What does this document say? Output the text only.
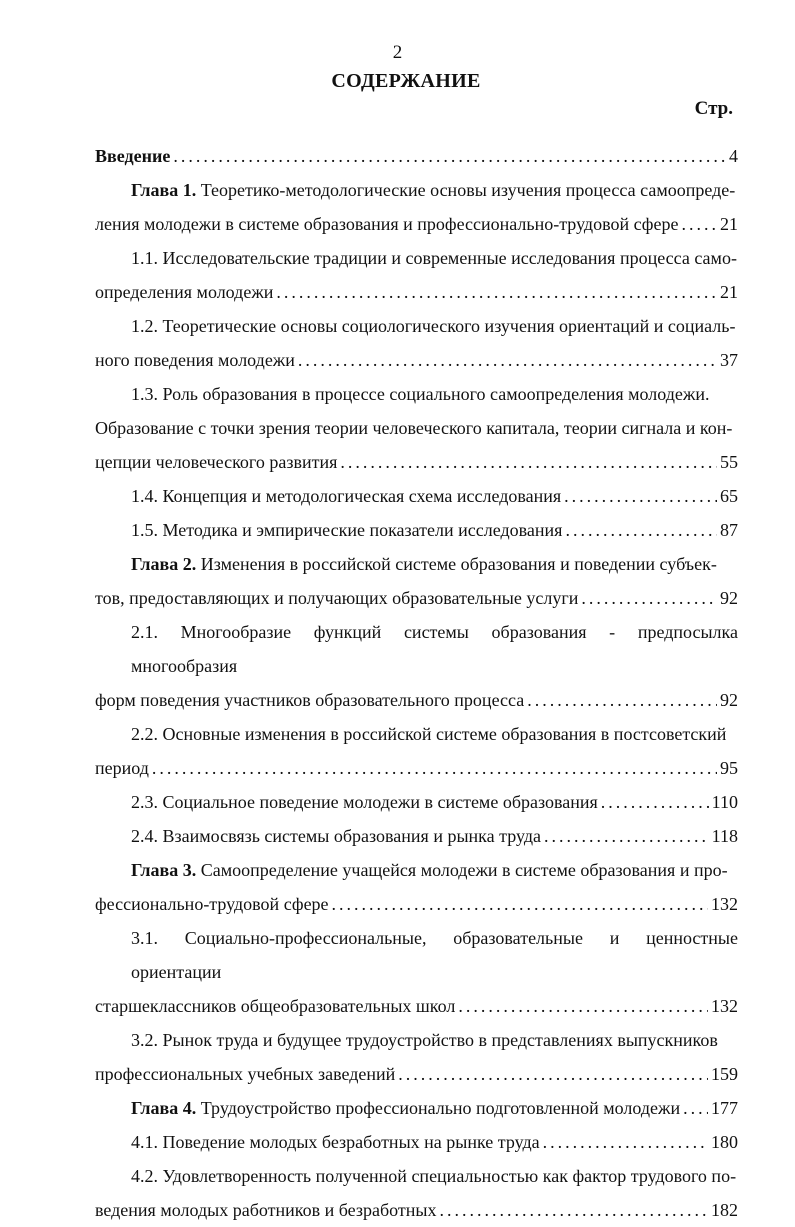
2
СОДЕРЖАНИЕ
Стр.
Введение .....	4
Глава 1. Теоретико-методологические основы изучения процесса самоопреде-
ления молодежи в системе образования и профессионально-трудовой сфере ..... 21
1.1. Исследовательские традиции и современные исследования процесса само-
определения молодежи .....	21
1.2. Теоретические основы социологического изучения ориентаций и социаль-
ного поведения молодежи .....	37
1.3. Роль образования в процессе социального самоопределения молодежи.
Образование с точки зрения теории человеческого капитала, теории сигнала и кон-
цепции человеческого развития .....	55
1.4. Концепция и методологическая схема исследования .....	65
1.5. Методика и эмпирические показатели исследования .....	87
Глава 2. Изменения в российской системе образования и поведении субъек-
тов, предоставляющих и получающих образовательные услуги .....	92
2.1. Многообразие функций системы образования - предпосылка многообразия
форм поведения участников образовательного процесса .....	92
2.2. Основные изменения в российской системе образования в постсоветский
период .....	95
2.3. Социальное поведение молодежи в системе образования .....	110
2.4. Взаимосвязь системы образования и рынка труда .....	118
Глава 3. Самоопределение учащейся молодежи в системе образования и про-
фессионально-трудовой сфере .....	132
3.1. Социально-профессиональные, образовательные и ценностные ориентации
старшеклассников общеобразовательных школ .....	132
3.2. Рынок труда и будущее трудоустройство в представлениях выпускников
профессиональных учебных заведений .....	159
Глава 4. Трудоустройство профессионально подготовленной молодежи ..... 177
4.1. Поведение молодых безработных на рынке труда .....	180
4.2. Удовлетворенность полученной специальностью как фактор трудового по-
ведения молодых работников и безработных .....	182
